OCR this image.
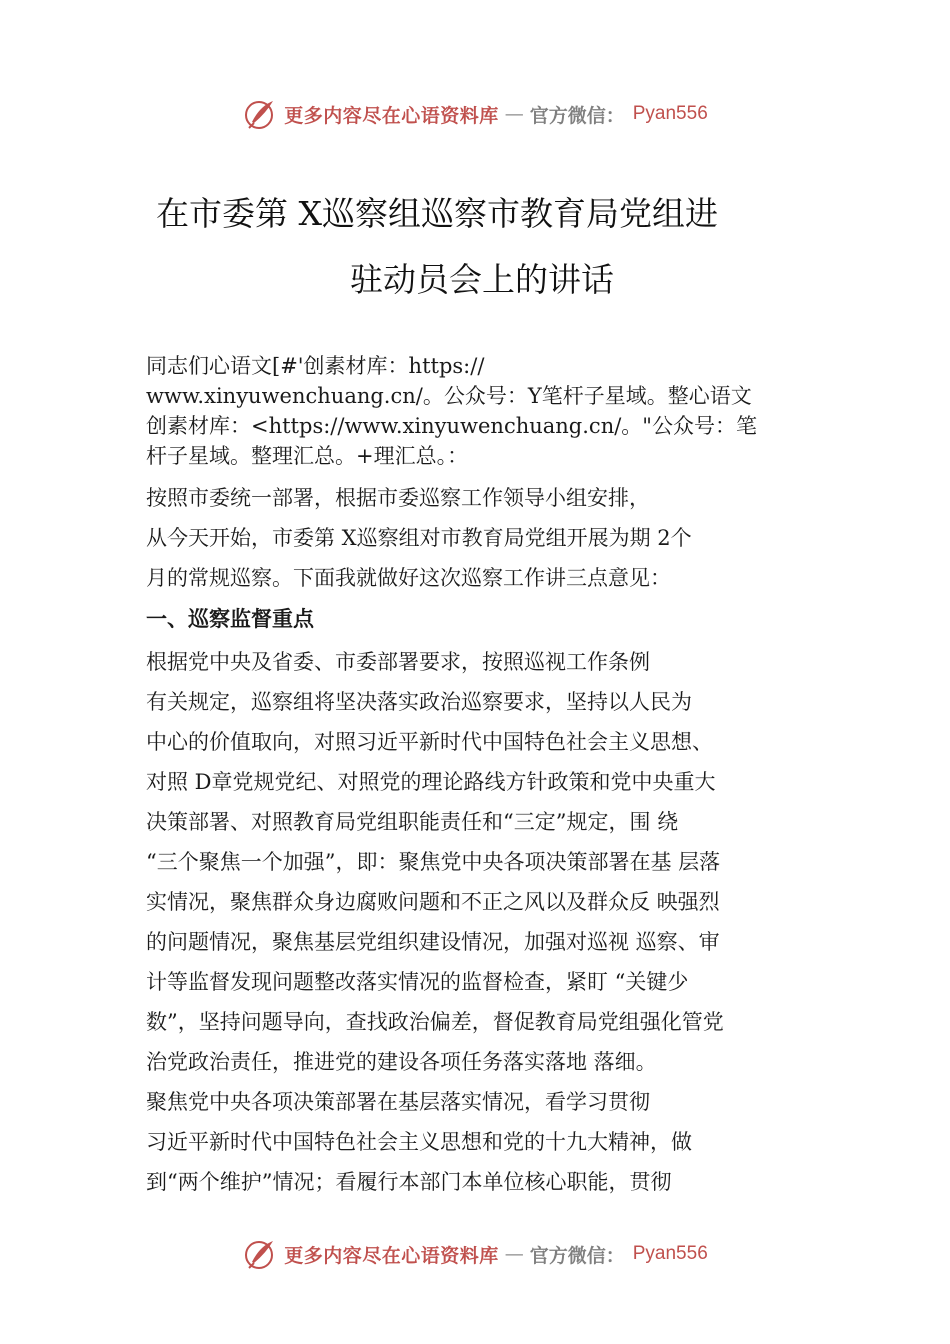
更多内容尽在心语资料库 — 官方微信： Pyan556
在市委第 X巡察组巡察市教育局党组进
驻动员会上的讲话
同志们心语文[#'创素材库：https://
www.xinyuwenchuang.cn/。公众号：Y笔杆子星域。整心语文
创素材库：<https://www.xinyuwenchuang.cn/。"公众号：笔
杆子星域。整理汇总。+理汇总。：
按照市委统一部署，根据市委巡察工作领导小组安排，
从今天开始，市委第 X巡察组对市教育局党组开展为期 2个
月的常规巡察。下面我就做好这次巡察工作讲三点意见：
一、巡察监督重点
根据党中央及省委、市委部署要求，按照巡视工作条例
有关规定，巡察组将坚决落实政治巡察要求，坚持以人民为
中心的价值取向，对照习近平新时代中国特色社会主义思想、
对照 D章党规党纪、对照党的理论路线方针政策和党中央重大
决策部署、对照教育局党组职能责任和“三定”规定，围 绕
“三个聚焦一个加强”，即：聚焦党中央各项决策部署在基 层落
实情况，聚焦群众身边腐败问题和不正之风以及群众反 映强烈
的问题情况，聚焦基层党组织建设情况，加强对巡视 巡察、审
计等监督发现问题整改落实情况的监督检查，紧盯 “关键少
数”，坚持问题导向，查找政治偏差，督促教育局党组强化管党
治党政治责任，推进党的建设各项任务落实落地 落细。
聚焦党中央各项决策部署在基层落实情况，看学习贯彻
习近平新时代中国特色社会主义思想和党的十九大精神，做
到“两个维护”情况；看履行本部门本单位核心职能，贯彻
更多内容尽在心语资料库 — 官方微信： Pyan556
